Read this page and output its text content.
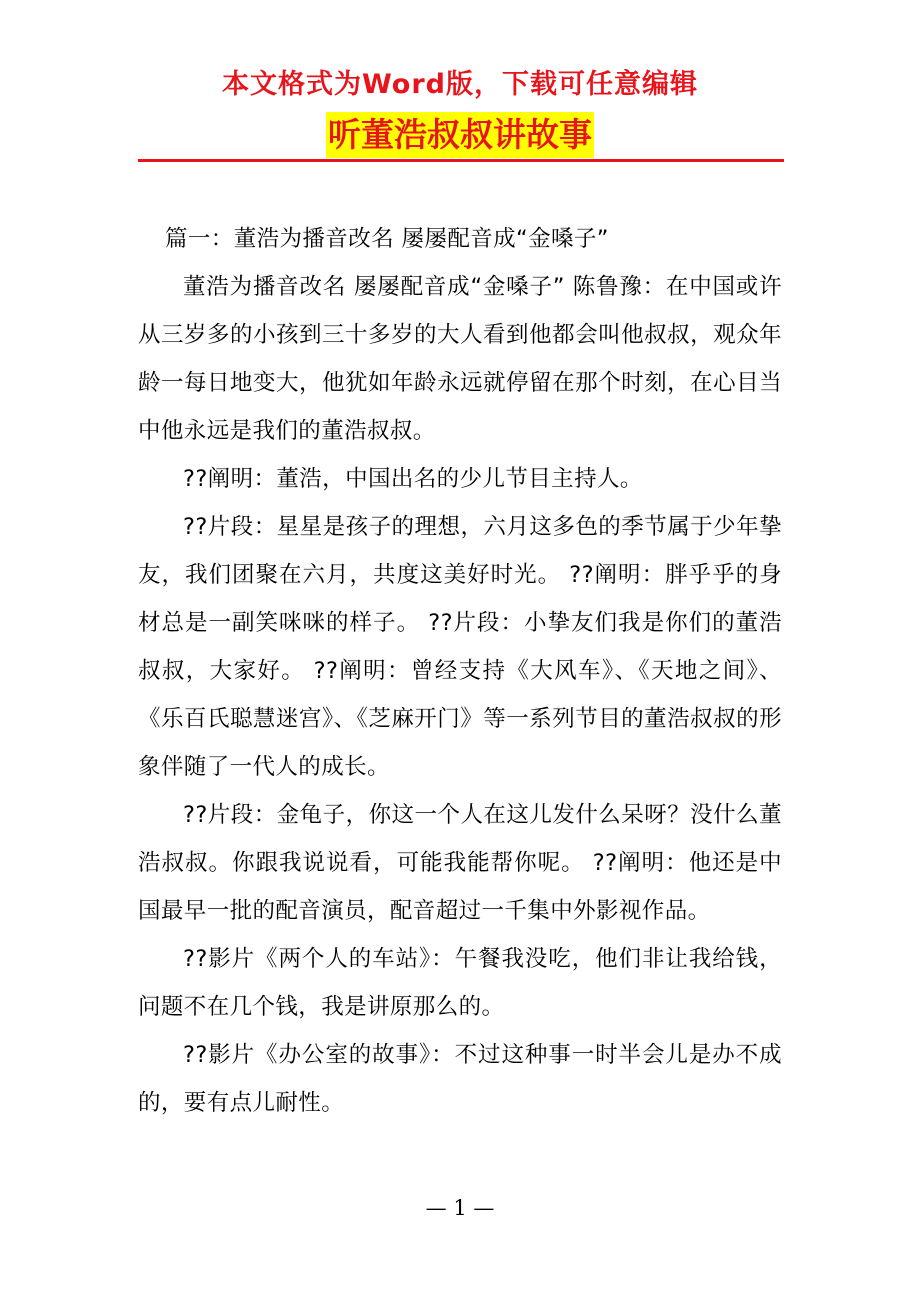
本文格式为Word版，下载可任意编辑
听董浩叔叔讲故事

篇一：董浩为播音改名 屡屡配音成“金嗓子”

董浩为播音改名 屡屡配音成“金嗓子” 陈鲁豫：在中国或许从三岁多的小孩到三十多岁的大人看到他都会叫他叔叔，观众年龄一每日地变大，他犹如年龄永远就停留在那个时刻，在心目当中他永远是我们的董浩叔叔。

??阐明：董浩，中国出名的少儿节目主持人。

??片段：星星是孩子的理想，六月这多色的季节属于少年挚友，我们团聚在六月，共度这美好时光。 ??阐明：胖乎乎的身材总是一副笑咪咪的样子。 ??片段：小挚友们我是你们的董浩叔叔，大家好。 ??阐明：曾经支持《大风车》、《天地之间》、《乐百氏聪慧迷宫》、《芝麻开门》等一系列节目的董浩叔叔的形象伴随了一代人的成长。

??片段：金龟子，你这一个人在这儿发什么呆呀？没什么董浩叔叔。你跟我说说看，可能我能帮你呢。 ??阐明：他还是中国最早一批的配音演员，配音超过一千集中外影视作品。

??影片《两个人的车站》：午餐我没吃，他们非让我给钱，问题不在几个钱，我是讲原那么的。

??影片《办公室的故事》：不过这种事一时半会儿是办不成的，要有点儿耐性。

— 1 —
